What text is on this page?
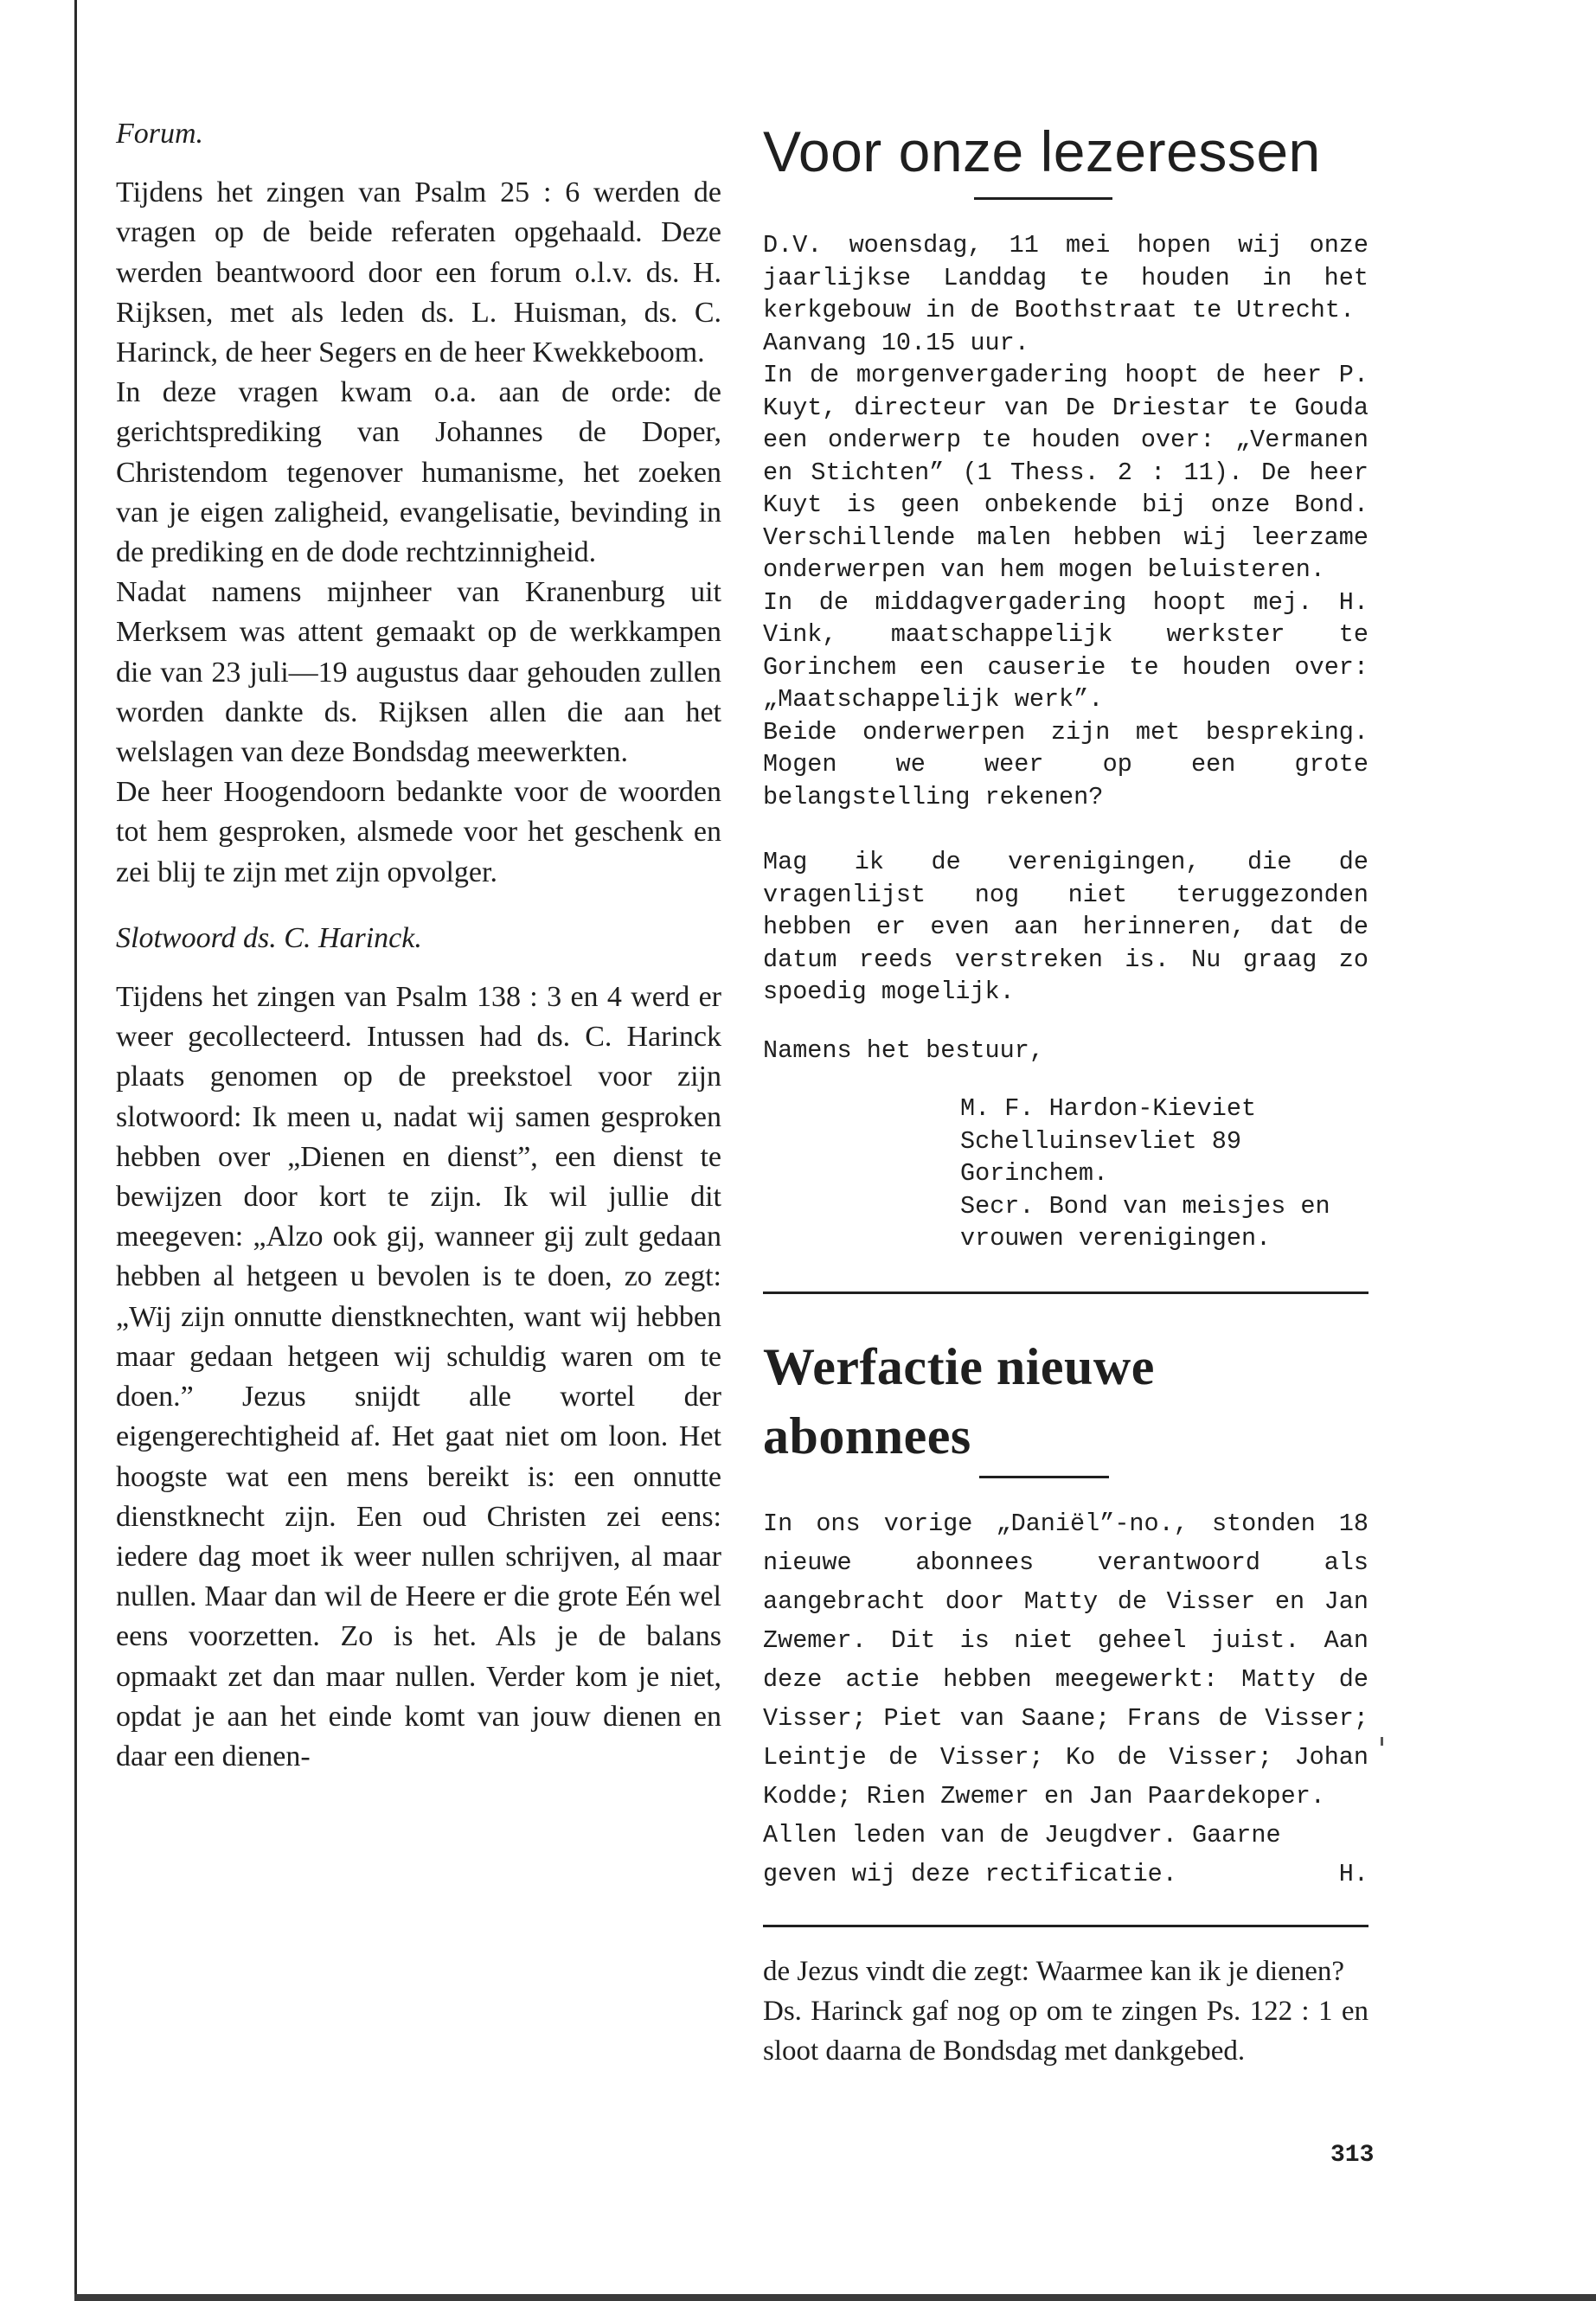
Forum.

Tijdens het zingen van Psalm 25 : 6 werden de vragen op de beide referaten opgehaald. Deze werden beantwoord door een forum o.l.v. ds. H. Rijksen, met als leden ds. L. Huisman, ds. C. Harinck, de heer Segers en de heer Kwekkeboom.

In deze vragen kwam o.a. aan de orde: de gerichtsprediking van Johannes de Doper, Christendom tegenover humanisme, het zoeken van je eigen zaligheid, evangelisatie, bevinding in de prediking en de dode rechtzinnigheid.

Nadat namens mijnheer van Kranenburg uit Merksem was attent gemaakt op de werkkampen die van 23 juli—19 augustus daar gehouden zullen worden dankte ds. Rijksen allen die aan het welslagen van deze Bondsdag meewerkten.

De heer Hoogendoorn bedankte voor de woorden tot hem gesproken, alsmede voor het geschenk en zei blij te zijn met zijn opvolger.

Slotwoord ds. C. Harinck.

Tijdens het zingen van Psalm 138 : 3 en 4 werd er weer gecollecteerd. Intussen had ds. C. Harinck plaats genomen op de preekstoel voor zijn slotwoord: Ik meen u, nadat wij samen gesproken hebben over „Dienen en dienst”, een dienst te bewijzen door kort te zijn. Ik wil jullie dit meegeven: „Alzo ook gij, wanneer gij zult gedaan hebben al hetgeen u bevolen is te doen, zo zegt: „Wij zijn onnutte dienstknechten, want wij hebben maar gedaan hetgeen wij schuldig waren om te doen.” Jezus snijdt alle wortel der eigengerechtigheid af. Het gaat niet om loon. Het hoogste wat een mens bereikt is: een onnutte dienstknecht zijn. Een oud Christen zei eens: iedere dag moet ik weer nullen schrijven, al maar nullen. Maar dan wil de Heere er die grote Eén wel eens voorzetten. Zo is het. Als je de balans opmaakt zet dan maar nullen. Verder kom je niet, opdat je aan het einde komt van jouw dienen en daar een dienen-

Voor onze lezeressen

D.V. woensdag, 11 mei hopen wij onze jaarlijkse Landdag te houden in het kerkgebouw in de Boothstraat te Utrecht.

Aanvang 10.15 uur.

In de morgenvergadering hoopt de heer P. Kuyt, directeur van De Driestar te Gouda een onderwerp te houden over: „Vermanen en Stichten” (1 Thess. 2 : 11). De heer Kuyt is geen onbekende bij onze Bond. Verschillende malen hebben wij leerzame onderwerpen van hem mogen beluisteren.

In de middagvergadering hoopt mej. H. Vink, maatschappelijk werkster te Gorinchem een causerie te houden over: „Maatschappelijk werk”.

Beide onderwerpen zijn met bespreking. Mogen we weer op een grote belangstelling rekenen?

Mag ik de verenigingen, die de vragenlijst nog niet teruggezonden hebben er even aan herinneren, dat de datum reeds verstreken is. Nu graag zo spoedig mogelijk.

Namens het bestuur,

M. F. Hardon-Kieviet

Schelluinsevliet 89

Gorinchem.

Secr. Bond van meisjes en

vrouwen verenigingen.

Werfactie nieuwe abonnees

In ons vorige „Daniël”-no., stonden 18 nieuwe abonnees verantwoord als aangebracht door Matty de Visser en Jan Zwemer. Dit is niet geheel juist. Aan deze actie hebben meegewerkt: Matty de Visser; Piet van Saane; Frans de Visser; Leintje de Visser; Ko de Visser; Johan Kodde; Rien Zwemer en Jan Paardekoper.

Allen leden van de Jeugdver. Gaarne geven wij deze rectificatie.	H.

de Jezus vindt die zegt: Waarmee kan ik je dienen?

Ds. Harinck gaf nog op om te zingen Ps. 122 : 1 en sloot daarna de Bondsdag met dankgebed.

313
